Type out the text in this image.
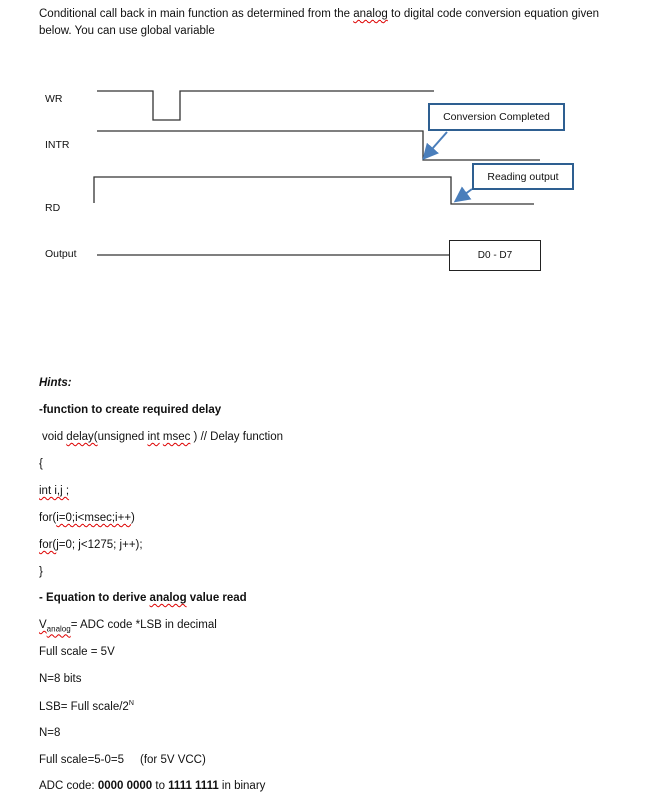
Conditional call back in main function as determined from the analog to digital code conversion equation given below. You can use global variable
WR
INTR
RD
Output
Conversion Completed
Reading output
D0 - D7
Hints:
-function to create required delay
void delay(unsigned int msec ) // Delay function
{
int i,j ;
for(i=0;i<msec;i++)
for(j=0; j<1275; j++);
}
- Equation to derive analog value read
$V_{analog}=$ ADC code *LSB in decimal
Full scale = 5V
N=8 bits
LSB= Full scale/$2^N$
N=8
Full scale=5-0=5     (for 5V VCC)
ADC code: 0000 0000 to 1111 1111 in binary
